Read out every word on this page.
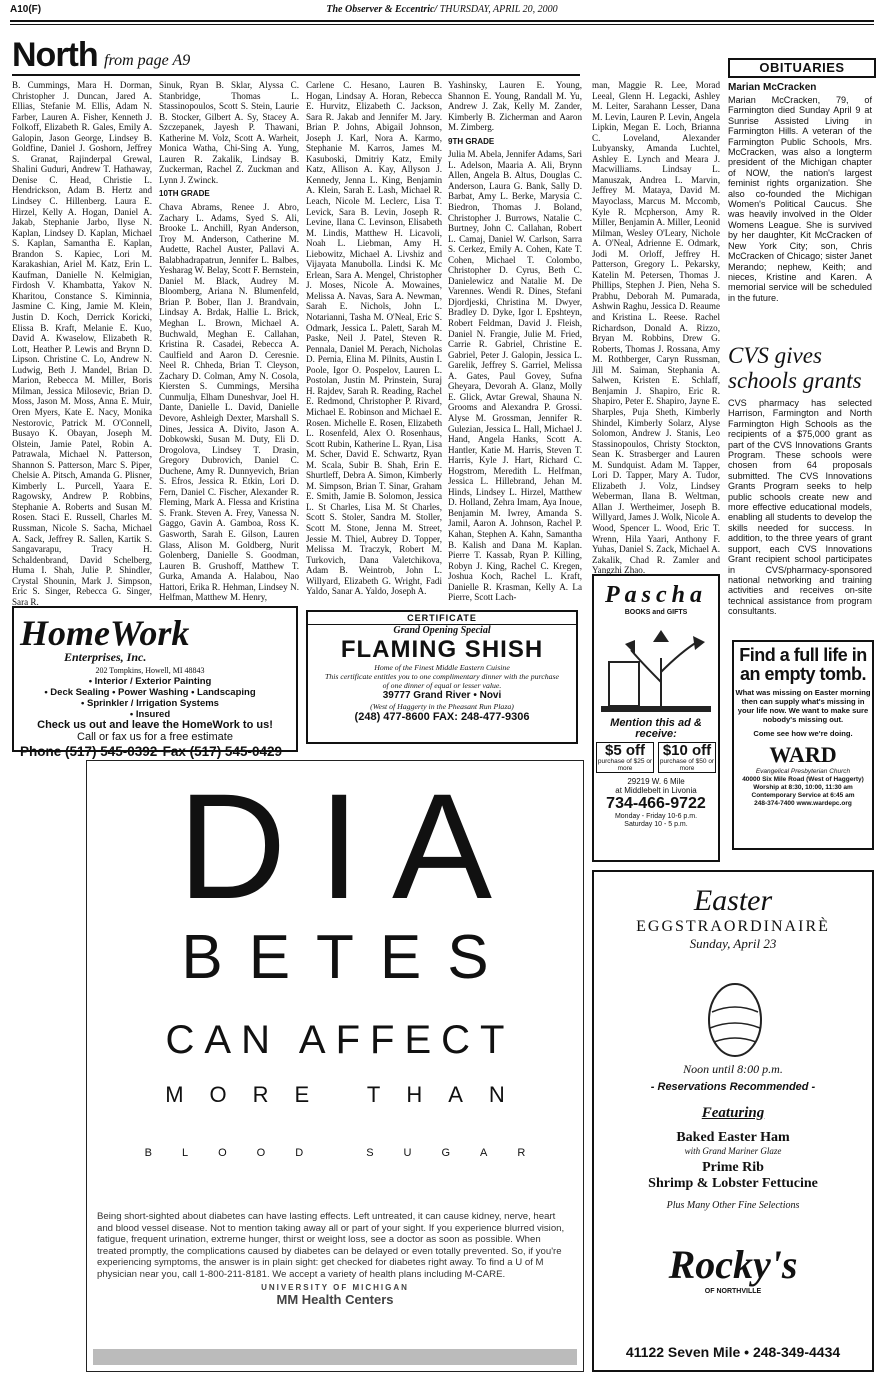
A10(F)	The Observer & Eccentric/ THURSDAY, APRIL 20, 2000
North from page A9

B. Cummings, Mara H. Dorman, Christopher J. Duncan, Jared A. Ellias, Stefanie M. Ellis, Adam N. Farber, Lauren A. Fisher, Kenneth J. Folkoff, Elizabeth R. Gales, Emily A. Galopin, Jason George, Lindsey B. Goldfine, Daniel J. Goshorn, Jeffrey S. Granat, Rajinderpal Grewal, Shalini Guduri, Andrew T. Hathaway, Denise C. Head, Christie L. Hendrickson, Adam B. Hertz and Lindsey C. Hillenberg. Laura E. Hirzel, Kelly A. Hogan, Daniel A. Jakab, Stephanie Jarbo, Ilyse N. Kaplan, Lindsey D. Kaplan, Michael S. Kaplan, Samantha E. Kaplan, Brandon S. Kapiec, Lori M. Karakashian, Ariel M. Katz, Erin L. Kaufman, Danielle N. Kelmigian, Firdosh V. Khambatta, Yakov N. Kharitou, Constance S. Kiminnia, Jasmine C. King, Jamie M. Klein, Justin D. Koch, Derrick Koricki, Elissa B. Kraft, Melanie E. Kuo, David A. Kwaselow, Elizabeth R. Lott, Heather P. Lewis and Brynn D. Lipson. Christine C. Lo, Andrew N. Ludwig, Beth J. Mandel, Brian D. Marion, Rebecca M. Miller, Boris Milman, Jessica Milosevic, Brian D. Moss, Jason M. Moss, Anna E. Muir, Oren Myers, Kate E. Nacy, Monika Nestorovic, Patrick M. O'Connell, Busayo K. Obayan, Joseph M. Olstein, Jamie Patel, Robin A. Patrawala, Michael N. Patterson, Shannon S. Patterson, Marc S. Piper, Chelsie A. Pitsch, Amanda G. Plisner, Kimberly L. Purcell, Yaara E. Ragowsky, Andrew P. Robbins, Stephanie A. Roberts and Susan M. Rosen. Staci E. Russell, Charles M. Russman, Nicole S. Sacha, Michael A. Sack, Jeffrey R. Sallen, Kartik S. Sangavarapu, Tracy H. Schaldenbrand, David Schelberg, Huma I. Shah, Julie P. Shindler, Crystal Shounin, Mark J. Simpson, Eric S. Singer, Rebecca G. Singer, Sara R.

Sinuk, Ryan B. Sklar, Alyssa C. Stanbridge, Thomas L. Stassinopoulos, Scott S. Stein, Laurie B. Stocker, Gilbert A. Sy, Stacey A. Szczepanek, Jayesh P. Thawani, Katherine M. Volz, Scott A. Warheit, Monica Watha, Chi-Sing A. Yung, Lauren R. Zakalik, Lindsay B. Zuckerman, Rachel Z. Zuckman and Lynn J. Zwinck.

10TH GRADE

Chava Abrams, Renee J. Abro, Zachary L. Adams, Syed S. Ali, Brooke L. Anchill, Ryan Anderson, Troy M. Anderson, Catherine M. Audette, Rachel Auster, Pallavi A. Balabhadrapatrun, Jennifer L. Balbes, Yesharag W. Belay, Scott F. Bernstein, Daniel M. Black, Audrey M. Bloomberg, Ariana N. Blumenfeld, Brian P. Bober, Ilan J. Brandvain, Lindsay A. Brdak, Hallie L. Brick, Meghan L. Brown, Michael A. Buchwald, Meghan E. Callahan, Kristina R. Casadei, Rebecca A. Caulfield and Aaron D. Ceresnie. Neel R. Chheda, Brian T. Cleyson, Zachary D. Colman, Amy N. Cosola, Kiersten S. Cummings, Mersiha Cunmulja, Elham Duneshvar, Joel H. Dante, Danielle L. David, Danielle Devore, Ashleigh Dexter, Marshall S. Dines, Jessica A. Divito, Jason A. Dobkowski, Susan M. Duty, Eli D. Drogolova, Lindsey T. Drasin, Gregory Dubrovich, Daniel C. Duchene, Amy R. Dunnyevich, Brian S. Efros, Jessica R. Etkin, Lori D. Fern, Daniel C. Fischer, Alexander R. Fleming, Mark A. Flessa and Kristina S. Frank. Steven A. Frey, Vanessa N. Gaggo, Gavin A. Gamboa, Ross K. Gasworth, Sarah E. Gilson, Lauren Glass, Alison M. Goldberg, Nurit Golenberg, Danielle S. Goodman, Lauren B. Grushoff, Matthew T. Gurka, Amanda A. Halabou, Nao Hattori, Erika R. Hehman, Lindsey N. Helfman, Matthew M. Henry,

Carlene C. Hesano, Lauren B. Hogan, Lindsay A. Horan, Rebecca E. Hurvitz, Elizabeth C. Jackson, Sara R. Jakab and Jennifer M. Jary. Brian P. Johns, Abigail Johnson, Joseph J. Karl, Nora A. Karmo, Stephanie M. Karros, James M. Kasuboski, Dmitriy Katz, Emily Katz, Allison A. Kay, Allyson J. Kennedy, Jenna L. King, Benjamin A. Klein, Sarah E. Lash, Michael R. Leach, Nicole M. Leclerc, Lisa T. Levick, Sara B. Levin, Joseph R. Levine, Ilana C. Levinson, Elisabeth M. Lindis, Matthew H. Licavoli, Noah L. Liebman, Amy H. Liebowitz, Michael A. Livshiz and Vijayata Manubolla. Lindsi K. Mc Erlean, Sara A. Mengel, Christopher J. Moses, Nicole A. Mowaines, Melissa A. Navas, Sara A. Newman, Sarah E. Nichols, John L. Notarianni, Tasha M. O'Neal, Eric S. Odmark, Jessica L. Palett, Sarah M. Paske, Neil J. Patel, Steven R. Pennala, Daniel M. Perach, Nicholas D. Pernia, Elina M. Pilnits, Austin I. Poole, Igor O. Pospelov, Lauren L. Postolan, Justin M. Prinstein, Suraj H. Rajdev, Sarah R. Reading, Rachel E. Redmond, Christopher P. Rivard, Michael E. Robinson and Michael E. Rosen. Michelle E. Rosen, Elizabeth L. Rosenfeld, Alex O. Rosenhaus, Scott Rubin, Katherine L. Ryan, Lisa M. Scher, David E. Schwartz, Ryan M. Scala, Subir B. Shah, Erin E. Shurtleff, Debra A. Simon, Kimberly M. Simpson, Brian T. Sinar, Graham E. Smith, Jamie B. Solomon, Jessica L. St Charles, Lisa M. St Charles, Scott S. Stoler, Sandra M. Stoller, Scott M. Stone, Jenna M. Street, Jessie M. Thiel, Aubrey D. Topper, Melissa M. Traczyk, Robert M. Turkovich, Dana Valetchikova, Adam B. Weintrob, John L. Willyard, Elizabeth G. Wright, Fadi Yaldo, Sanar A. Yaldo, Joseph A.

Yashinsky, Lauren E. Young, Shannon E. Young, Randall M. Yu, Andrew J. Zak, Kelly M. Zander, Kimberly B. Zicherman and Aaron M. Zimberg.

9TH GRADE

Julia M. Abela, Jennifer Adams, Sari L. Adelson, Maaria A. Ali, Brynn Allen, Angela B. Altus, Douglas C. Anderson, Laura G. Bank, Sally D. Barbat, Amy L. Berke, Marysia C. Biedron, Thomas J. Boland, Christopher J. Burrows, Natalie C. Burtney, John C. Callahan, Robert L. Camaj, Daniel W. Carlson, Sarra S. Cerkez, Emily A. Cohen, Kate T. Cohen, Michael T. Colombo, Christopher D. Cyrus, Beth C. Danielewicz and Natalie M. De Varennes. Wendi R. Dines, Stefani Djordjeski, Christina M. Dwyer, Bradley D. Dyke, Igor I. Epshteyn, Robert Feldman, David J. Fleish, Daniel N. Frangie, Julie M. Fried, Carrie R. Gabriel, Christine E. Gabriel, Peter J. Galopin, Jessica L. Garelik, Jeffrey S. Garriel, Melissa A. Gates, Paul Govey, Sufna Gheyara, Devorah A. Glanz, Molly E. Glick, Avtar Grewal, Shauna N. Grooms and Alexandra P. Grossi. Alyse M. Grossman, Jennifer R. Gulezian, Jessica L. Hall, Michael J. Hand, Angela Hanks, Scott A. Hantler, Katie M. Harris, Steven T. Harris, Kyle J. Hart, Richard C. Hogstrom, Meredith L. Helfman, Jessica L. Hillebrand, Jehan M. Hinds, Lindsey L. Hirzel, Matthew D. Holland, Zehra Imam, Aya Inoue, Benjamin M. Iwrey, Amanda S. Jamil, Aaron A. Johnson, Rachel P. Kahan, Stephen A. Kahn, Samantha B. Kalish and Dana M. Kaplan. Pierre T. Kassab, Ryan P. Killing, Robyn J. King, Rachel C. Kregen, Joshua Koch, Rachel L. Kraft, Danielle R. Krasman, Kelly A. La Pierre, Scott Lach-

man, Maggie R. Lee, Morad Leeal, Glenn H. Legacki, Ashley M. Leiter, Sarahann Lesser, Dana M. Levin, Lauren P. Levin, Angela Lipkin, Megan E. Loch, Brianna C. Loveland, Alexander Lubyansky, Amanda Luchtel, Ashley E. Lynch and Meara J. Macwilliams. Lindsay L. Manuszak, Andrea L. Marvin, Jeffrey M. Mataya, David M. Mayoclass, Marcus M. Mccomb, Kyle R. Mcpherson, Amy R. Miller, Benjamin A. Miller, Leonid Milman, Wesley O'Leary, Nichole A. O'Neal, Adrienne E. Odmark, Jodi M. Orloff, Jeffrey H. Patterson, Gregory L. Pekarsky, Katelin M. Petersen, Thomas J. Phillips, Stephen J. Pien, Neha S. Prabhu, Deborah M. Pumarada, Ashwin Raghu, Jessica D. Reaume and Kristina L. Reese. Rachel Richardson, Donald A. Rizzo, Bryan M. Robbins, Drew G. Roberts, Thomas J. Rossana, Amy M. Rothberger, Caryn Russman, Jill M. Saiman, Stephania A. Salwen, Kristen E. Schlaff, Benjamin J. Shapiro, Eric R. Shapiro, Peter E. Shapiro, Jayne E. Sharples, Puja Sheth, Kimberly Shindel, Kimberly Solarz, Alyse Solomon, Andrew J. Stanis, Leo Stassinopoulos, Christy Stockton, Sean K. Strasberger and Lauren M. Sundquist. Adam M. Tapper, Lori D. Tapper, Mary A. Tudor, Elizabeth J. Volz, Lindsey Weberman, Ilana B. Weltman, Allan J. Wertheimer, Joseph B. Willyard, James J. Wolk, Nicole A. Wood, Spencer L. Wood, Eric T. Wrenn, Hila Yaari, Anthony F. Yuhas, Daniel S. Zack, Michael A. Zakalik, Chad R. Zamler and Yangzhi Zhao.

OBITUARIES
Marian McCracken
Marian McCracken, 79, of Farmington died Sunday April 9 at Sunrise Assisted Living in Farmington Hills. A veteran of the Farmington Public Schools, Mrs. McCracken, was also a longterm president of the Michigan chapter of NOW, the nation's largest feminist rights organization. She also co-founded the Michigan Women's Political Caucus. She was heavily involved in the Older Womens League. She is survived by her daughter, Kit McCracken of New York City; son, Chris McCracken of Chicago; sister Janet Merando; nephew, Keith; and nieces, Kristine and Karen. A memorial service will be scheduled in the future.
CVS gives schools grants
CVS pharmacy has selected Harrison, Farmington and North Farmington High Schools as the recipients of a $75,000 grant as part of the CVS Innovations Grants Program. These schools were chosen from 64 proposals submitted. The CVS Innovations Grants Program seeks to help public schools create new and more effective educational models, enabling all students to develop the skills needed for success. In addition, to the three years of grant support, each CVS Innovations Grant recipient school participates in CVS/pharmacy-sponsored national networking and training activities and receives on-site technical assistance from program consultants.
HomeWork
Enterprises, Inc.
202 Tompkins, Howell, MI 48843
• Interior / Exterior Painting
• Deck Sealing • Power Washing • Landscaping
• Sprinkler / Irrigation Systems
• Insured
Check us out and leave the HomeWork to us!
Call or fax us for a free estimate
Phone (517) 545-0392 Fax (517) 545-0429
CERTIFICATE
Grand Opening Special
FLAMING SHISH
Home of the Finest Middle Eastern Cuisine
This certificate entitles you to one complimentary dinner with the purchase of one dinner of equal or lesser value.
39777 Grand River • Novi
(West of Haggerty in the Pheasant Run Plaza)
(248) 477-8600 FAX: 248-477-9306
DIA
BETES
CAN AFFECT
MORE THAN
BLOOD SUGAR
Being short-sighted about diabetes can have lasting effects. Left untreated, it can cause kidney, nerve, heart and blood vessel disease. Not to mention taking away all or part of your sight. If you experience blurred vision, fatigue, frequent urination, extreme hunger, thirst or weight loss, see a doctor as soon as possible. When treated promptly, the complications caused by diabetes can be delayed or even totally prevented. So, if you're experiencing symptoms, the answer is in plain sight: get checked for diabetes right away. To find a U of M physician near you, call 1-800-211-8181. We accept a variety of health plans including M-CARE.
UNIVERSITY OF MICHIGAN
MM Health Centers
Pascha
BOOKS and GIFTS
Mention this ad & receive:
$5 off
purchase of $25 or more
$10 off
purchase of $50 or more
29219 W. 6 Mile
at Middlebelt in Livonia
734-466-9722
Monday - Friday 10-6 p.m.
Saturday 10 - 5 p.m.
Find a full life in an empty tomb.
What was missing on Easter morning then can supply what's missing in your life now. We want to make sure nobody's missing out.
Come see how we're doing.
WARD
Evangelical Presbyterian Church
40000 Six Mile Road (West of Haggerty)
Worship at 8:30, 10:00, 11:30 am
Contemporary Service at 6:45 am
248-374-7400 www.wardepc.org
Easter
EGGSTRAORDINAIRÈ
Sunday, April 23
Noon until 8:00 p.m.
- Reservations Recommended -
Featuring
Baked Easter Ham
with Grand Mariner Glaze
Prime Rib
Shrimp & Lobster Fettucine
Plus Many Other Fine Selections
Rocky's
OF NORTHVILLE
41122 Seven Mile • 248-349-4434
